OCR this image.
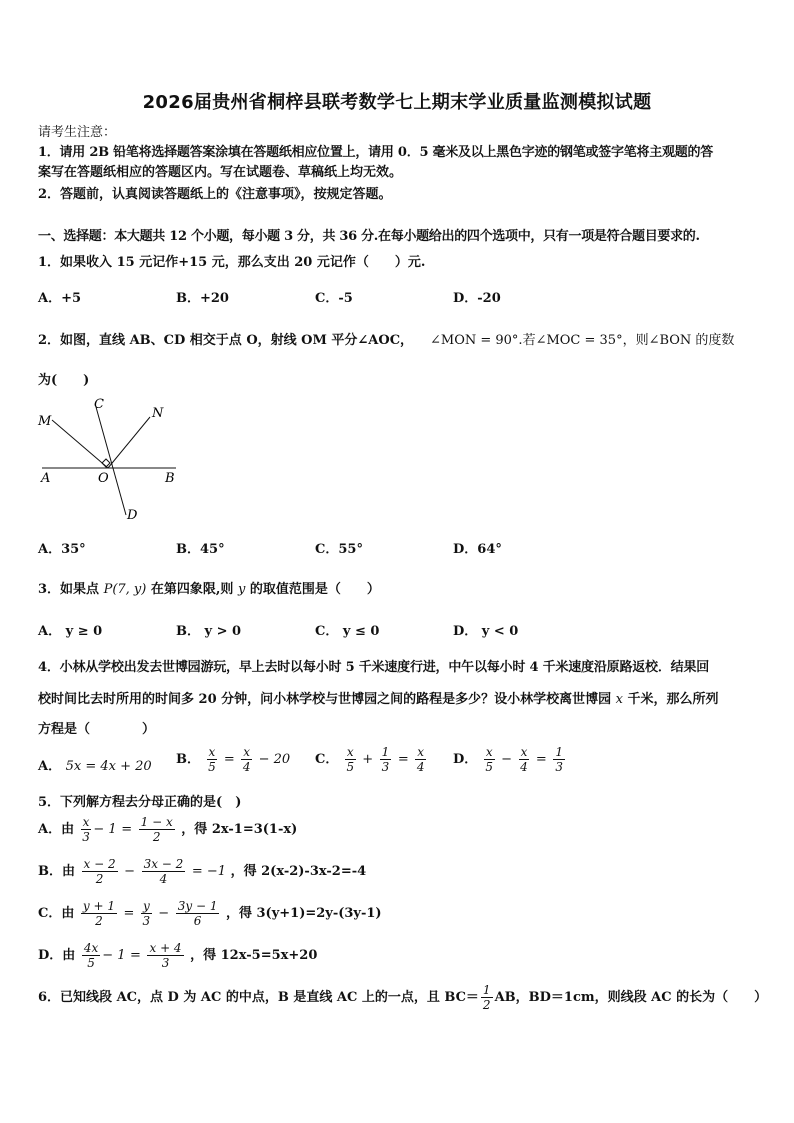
2026届贵州省桐梓县联考数学七上期末学业质量监测模拟试题
请考生注意：
1．请用 2B 铅笔将选择题答案涂填在答题纸相应位置上，请用 0．5 毫米及以上黑色字迹的钢笔或签字笔将主观题的答
案写在答题纸相应的答题区内。写在试题卷、草稿纸上均无效。
2．答题前，认真阅读答题纸上的《注意事项》，按规定答题。
一、选择题：本大题共 12 个小题，每小题 3 分，共 36 分.在每小题给出的四个选项中，只有一项是符合题目要求的.
1．如果收入 15 元记作+15 元，那么支出 20 元记作（　　）元.
A．+5	B．+20	C．-5	D．-20
2．如图，直线 AB、CD 相交于点 O，射线 OM 平分∠AOC， ∠MON = 90°.若∠MOC = 35°，则∠BON 的度数
为(　　)
M
C
N
A	O	B
D
A．35°	B．45°	C．55°	D．64°
3．如果点 P(7, y) 在第四象限,则 y 的取值范围是（　　）
A． y ≥ 0	B． y > 0	C． y ≤ 0	D． y < 0
4．小林从学校出发去世博园游玩，早上去时以每小时 5 千米速度行进，中午以每小时 4 千米速度沿原路返校．结果回
校时间比去时所用的时间多 20 分钟，问小林学校与世博园之间的路程是多少？设小林学校离世博园 x 千米，那么所列
方程是（　　　　）
A． 5x = 4x + 20 B． $\frac{x}{5} = \frac{x}{4} - 20$ C． $\frac{x}{5} + \frac{1}{3} = \frac{x}{4}$ D． $\frac{x}{5} - \frac{x}{4} = \frac{1}{3}$
5．下列解方程去分母正确的是(　)
A．由 $\frac{x}{3} - 1 = \frac{1 - x}{2}$ ，得 2x-1=3(1-x)
B．由 $\frac{x - 2}{2} - \frac{3x - 2}{4} = -1$ ，得 2(x-2)-3x-2=-4
C．由 $\frac{y + 1}{2} = \frac{y}{3} - \frac{3y - 1}{6}$ ，得 3(y+1)=2y-(3y-1)
D．由 $\frac{4x}{5} - 1 = \frac{x + 4}{3}$ ，得 12x-5=5x+20
6．已知线段 AC，点 D 为 AC 的中点，B 是直线 AC 上的一点，且 $BC= \frac{1}{2}$ AB，BD＝1cm，则线段 AC 的长为（　　）
